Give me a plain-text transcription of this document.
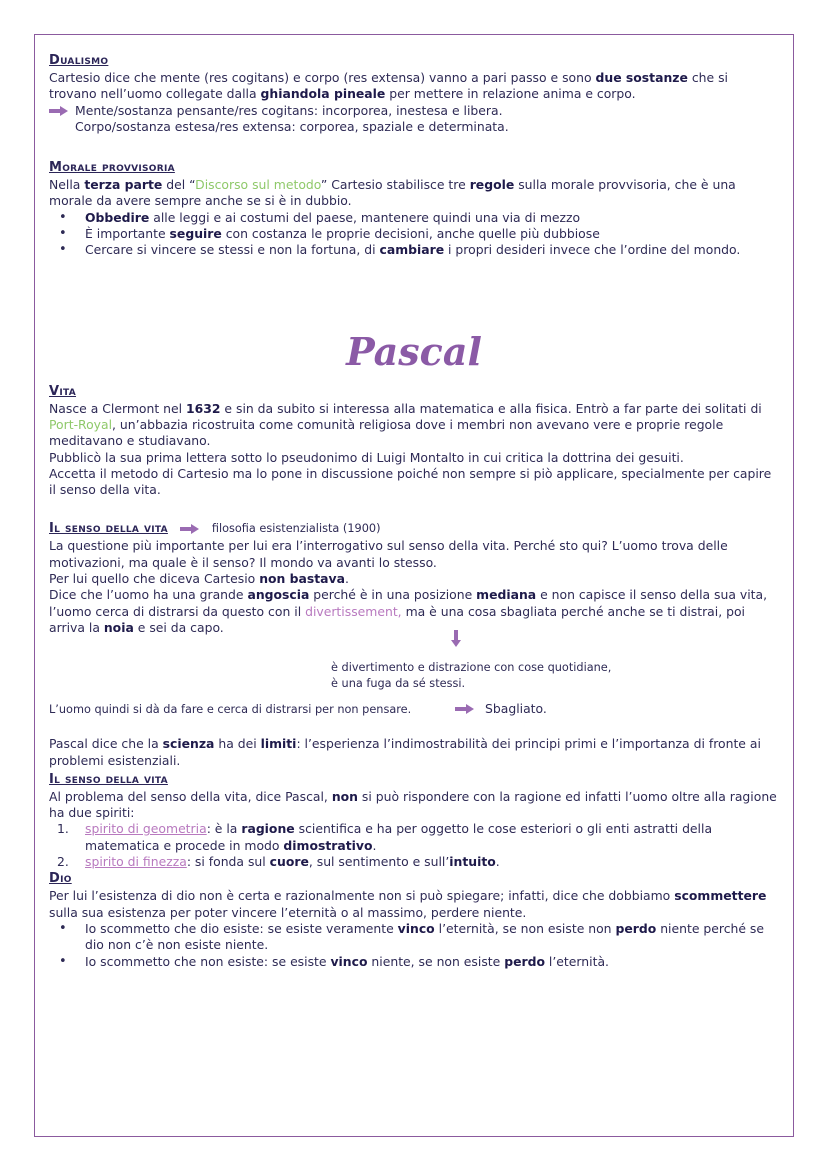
Dualismo

Cartesio dice che mente (res cogitans) e corpo (res extensa) vanno a pari passo e sono due sostanze che si trovano nell’uomo collegate dalla ghiandola pineale per mettere in relazione anima e corpo.

Mente/sostanza pensante/res cogitans: incorporea, inestesa e libera.

Corpo/sostanza estesa/res extensa: corporea, spaziale e determinata.

Morale provvisoria

Nella terza parte del “Discorso sul metodo” Cartesio stabilisce tre regole sulla morale provvisoria, che è una morale da avere sempre anche se si è in dubbio.

• Obbedire alle leggi e ai costumi del paese, mantenere quindi una via di mezzo
• È importante seguire con costanza le proprie decisioni, anche quelle più dubbiose
• Cercare si vincere se stessi e non la fortuna, di cambiare i propri desideri invece che l’ordine del mondo.
Pascal
Vita

Nasce a Clermont nel 1632 e sin da subito si interessa alla matematica e alla fisica. Entrò a far parte dei solitati di Port-Royal, un’abbazia ricostruita come comunità religiosa dove i membri non avevano vere e proprie regole meditavano e studiavano.

Pubblicò la sua prima lettera sotto lo pseudonimo di Luigi Montalto in cui critica la dottrina dei gesuiti.

Accetta il metodo di Cartesio ma lo pone in discussione poiché non sempre si piò applicare, specialmente per capire il senso della vita.

Il senso della vita	filosofia esistenzialista (1900)

La questione più importante per lui era l’interrogativo sul senso della vita. Perché sto qui? L’uomo trova delle motivazioni, ma quale è il senso? Il mondo va avanti lo stesso.

Per lui quello che diceva Cartesio non bastava.

Dice che l’uomo ha una grande angoscia perché è in una posizione mediana e non capisce il senso della sua vita, l’uomo cerca di distrarsi da questo con il divertissement, ma è una cosa sbagliata perché anche se ti distrai, poi arriva la noia e sei da capo.

è divertimento e distrazione con cose quotidiane,

è una fuga da sé stessi.

L’uomo quindi si dà da fare e cerca di distrarsi per non pensare.	Sbagliato.

Pascal dice che la scienza ha dei limiti: l’esperienza l’indimostrabilità dei principi primi e l’importanza di fronte ai problemi esistenziali.

Il senso della vita

Al problema del senso della vita, dice Pascal, non si può rispondere con la ragione ed infatti l’uomo oltre alla ragione ha due spiriti:

1. spirito di geometria: è la ragione scientifica e ha per oggetto le cose esteriori o gli enti astratti della matematica e procede in modo dimostrativo.
2. spirito di finezza: si fonda sul cuore, sul sentimento e sull’intuito.
Dio

Per lui l’esistenza di dio non è certa e razionalmente non si può spiegare; infatti, dice che dobbiamo scommettere sulla sua esistenza per poter vincere l’eternità o al massimo, perdere niente.

• Io scommetto che dio esiste: se esiste veramente vinco l’eternità, se non esiste non perdo niente perché se dio non c’è non esiste niente.
• Io scommetto che non esiste: se esiste vinco niente, se non esiste perdo l’eternità.
